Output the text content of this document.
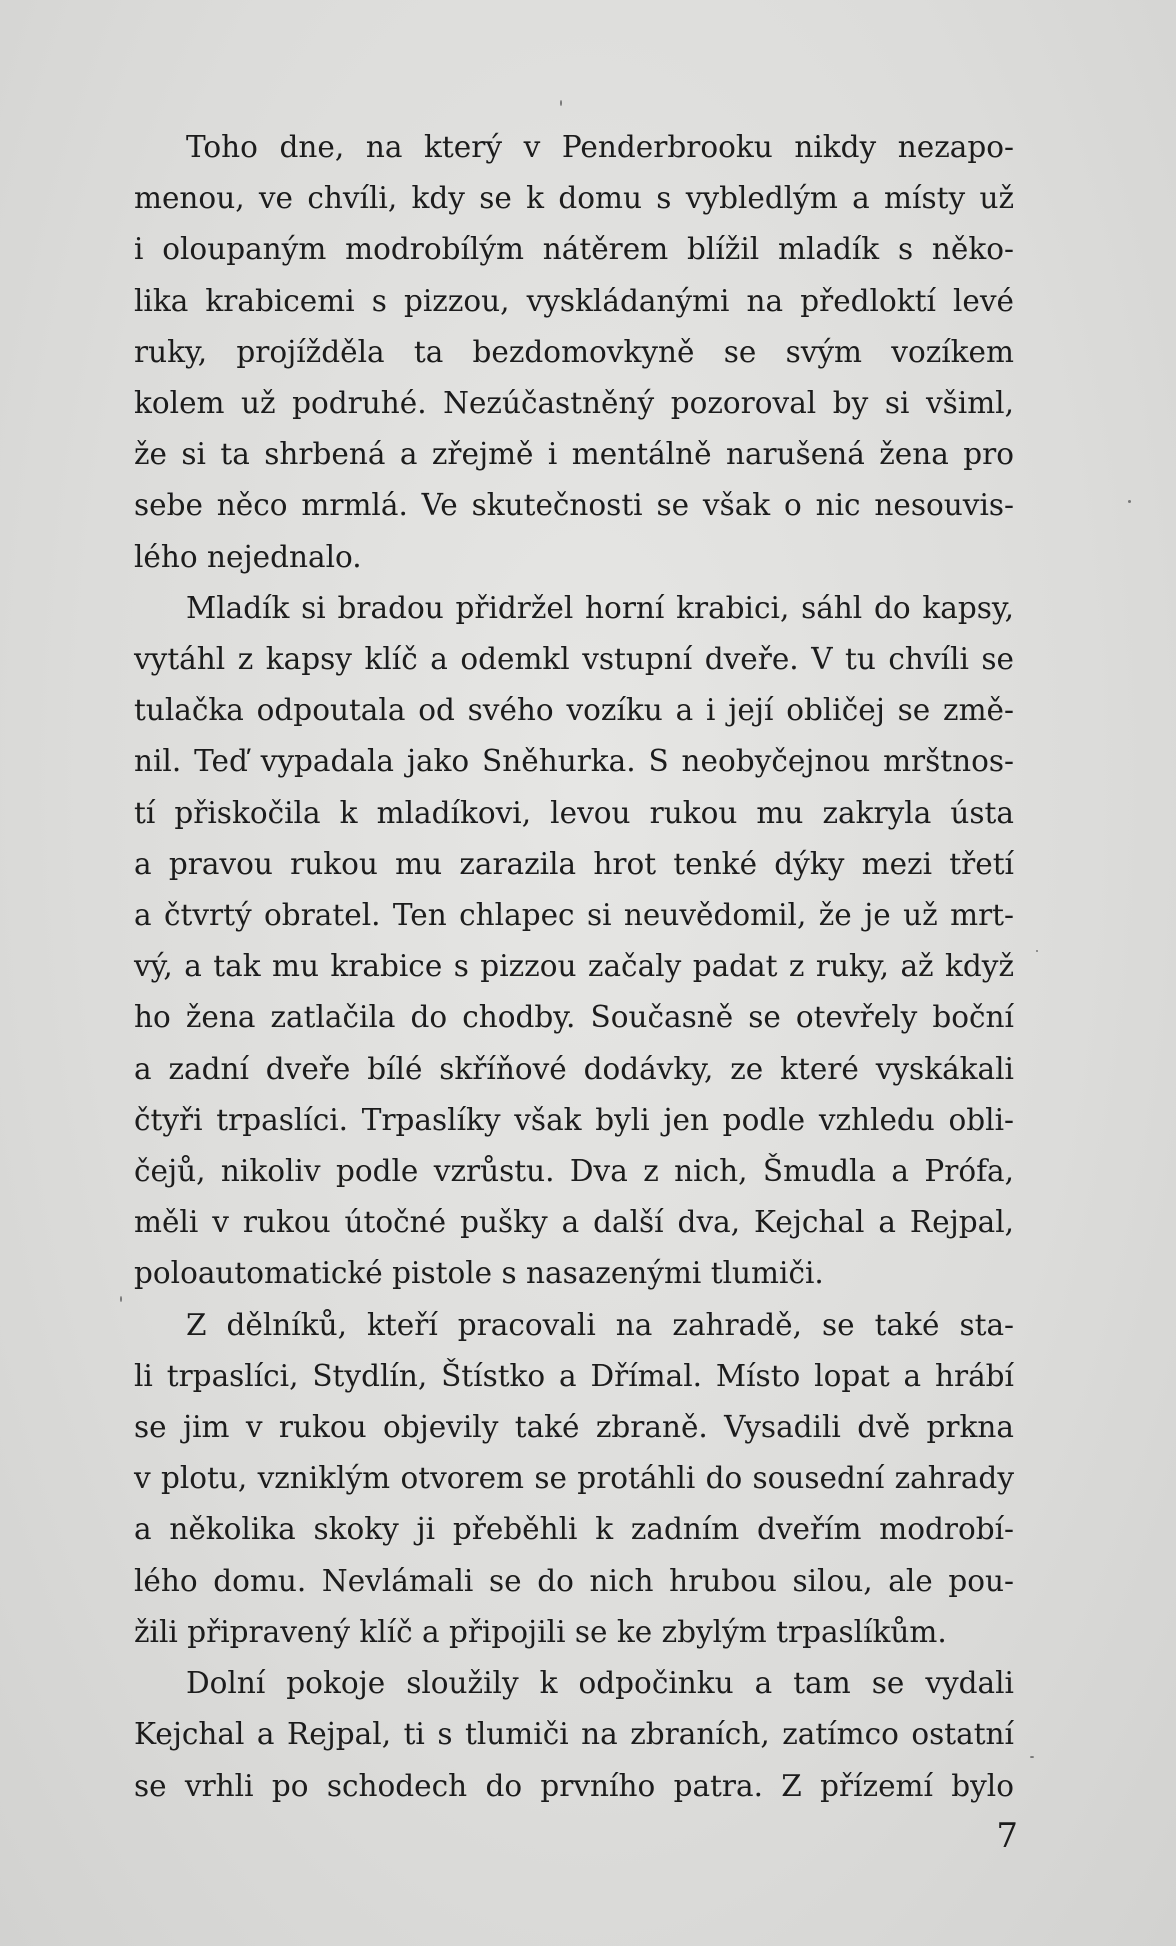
Toho dne, na který v Penderbrooku nikdy nezapo-
menou, ve chvíli, kdy se k domu s vybledlým a místy už
i oloupaným modrobílým nátěrem blížil mladík s něko-
lika krabicemi s pizzou, vyskládanými na předloktí levé
ruky, projížděla ta bezdomovkyně se svým vozíkem
kolem už podruhé. Nezúčastněný pozoroval by si všiml,
že si ta shrbená a zřejmě i mentálně narušená žena pro
sebe něco mrmlá. Ve skutečnosti se však o nic nesouvis-
lého nejednalo.

Mladík si bradou přidržel horní krabici, sáhl do kapsy,
vytáhl z kapsy klíč a odemkl vstupní dveře. V tu chvíli se
tulačka odpoutala od svého vozíku a i její obličej se změ-
nil. Teď vypadala jako Sněhurka. S neobyčejnou mrštnos-
tí přiskočila k mladíkovi, levou rukou mu zakryla ústa
a pravou rukou mu zarazila hrot tenké dýky mezi třetí
a čtvrtý obratel. Ten chlapec si neuvědomil, že je už mrt-
vý, a tak mu krabice s pizzou začaly padat z ruky, až když
ho žena zatlačila do chodby. Současně se otevřely boční
a zadní dveře bílé skříňové dodávky, ze které vyskákali
čtyři trpaslíci. Trpaslíky však byli jen podle vzhledu obli-
čejů, nikoliv podle vzrůstu. Dva z nich, Šmudla a Prófa,
měli v rukou útočné pušky a další dva, Kejchal a Rejpal,
poloautomatické pistole s nasazenými tlumiči.

Z dělníků, kteří pracovali na zahradě, se také sta-
li trpaslíci, Stydlín, Štístko a Dřímal. Místo lopat a hrábí
se jim v rukou objevily také zbraně. Vysadili dvě prkna
v plotu, vzniklým otvorem se protáhli do sousední zahrady
a několika skoky ji přeběhli k zadním dveřím modrobí-
lého domu. Nevlámali se do nich hrubou silou, ale pou-
žili připravený klíč a připojili se ke zbylým trpaslíkům.

Dolní pokoje sloužily k odpočinku a tam se vydali
Kejchal a Rejpal, ti s tlumiči na zbraních, zatímco ostatní
se vrhli po schodech do prvního patra. Z přízemí bylo

7
